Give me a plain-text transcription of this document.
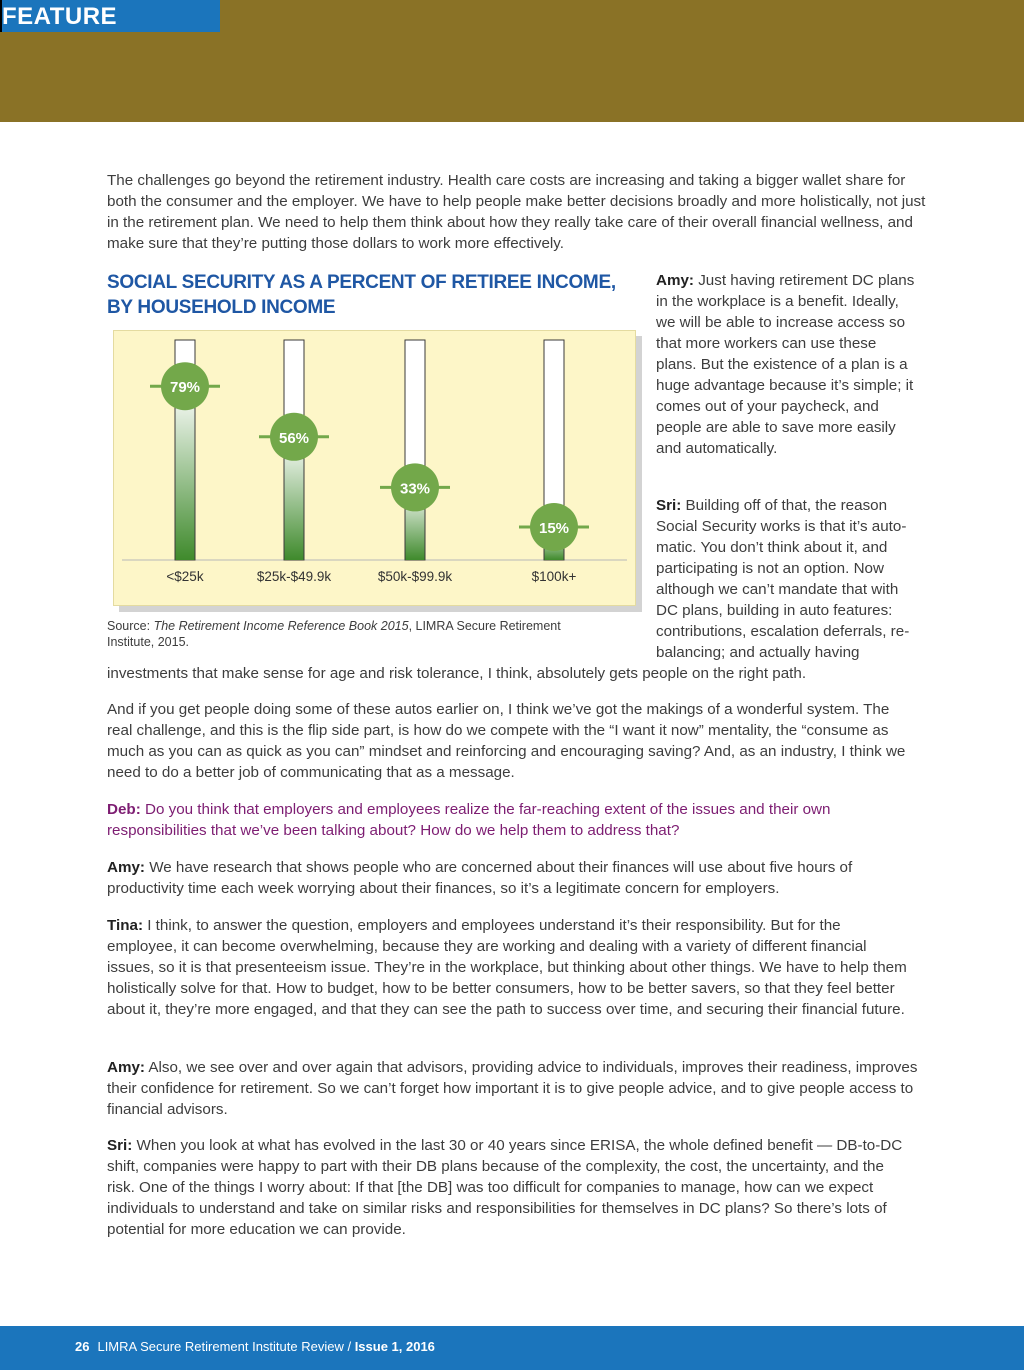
FEATURE

The challenges go beyond the retirement industry. Health care costs are increasing and taking a bigger wallet share for both the consumer and the employer. We have to help people make better decisions broadly and more holistically, not just in the retirement plan. We need to help them think about how they really take care of their overall financial wellness, and make sure that they’re putting those dollars to work more effectively.

SOCIAL SECURITY AS A PERCENT OF RETIREE INCOME, BY HOUSEHOLD INCOME
79%
<$25k
56%
$25k-$49.9k
33%
$50k-$99.9k
15%
$100k+

Source: The Retirement Income Reference Book 2015, LIMRA Secure Retirement Institute, 2015.

Amy: Just having retirement DC plans in the workplace is a benefit. Ideally, we will be able to increase access so that more workers can use these plans. But the existence of a plan is a huge advantage because it’s simple; it comes out of your paycheck, and people are able to save more easily and automatically.

Sri: Building off of that, the reason Social Security works is that it’s auto-matic. You don’t think about it, and participating is not an option. Now although we can’t mandate that with DC plans, building in auto features: contributions, escalation deferrals, re-balancing; and actually having

investments that make sense for age and risk tolerance, I think, absolutely gets people on the right path.

And if you get people doing some of these autos earlier on, I think we’ve got the makings of a wonderful system. The real challenge, and this is the flip side part, is how do we compete with the “I want it now” mentality, the “consume as much as you can as quick as you can” mindset and reinforcing and encouraging saving? And, as an industry, I think we need to do a better job of communicating that as a message.

Deb: Do you think that employers and employees realize the far-reaching extent of the issues and their own responsibilities that we’ve been talking about? How do we help them to address that?

Amy: We have research that shows people who are concerned about their finances will use about five hours of productivity time each week worrying about their finances, so it’s a legitimate concern for employers.

Tina: I think, to answer the question, employers and employees understand it’s their responsibility. But for the employee, it can become overwhelming, because they are working and dealing with a variety of different financial issues, so it is that presenteeism issue. They’re in the workplace, but thinking about other things. We have to help them holistically solve for that. How to budget, how to be better consumers, how to be better savers, so that they feel better about it, they’re more engaged, and that they can see the path to success over time, and securing their financial future.

Amy: Also, we see over and over again that advisors, providing advice to individuals, improves their readiness, improves their confidence for retirement. So we can’t forget how important it is to give people advice, and to give people access to financial advisors.

Sri: When you look at what has evolved in the last 30 or 40 years since ERISA, the whole defined benefit — DB-to-DC shift, companies were happy to part with their DB plans because of the complexity, the cost, the uncertainty, and the risk. One of the things I worry about: If that [the DB] was too difficult for companies to manage, how can we expect individuals to understand and take on similar risks and responsibilities for themselves in DC plans? So there’s lots of potential for more education we can provide.

26 LIMRA Secure Retirement Institute Review / Issue 1, 2016
